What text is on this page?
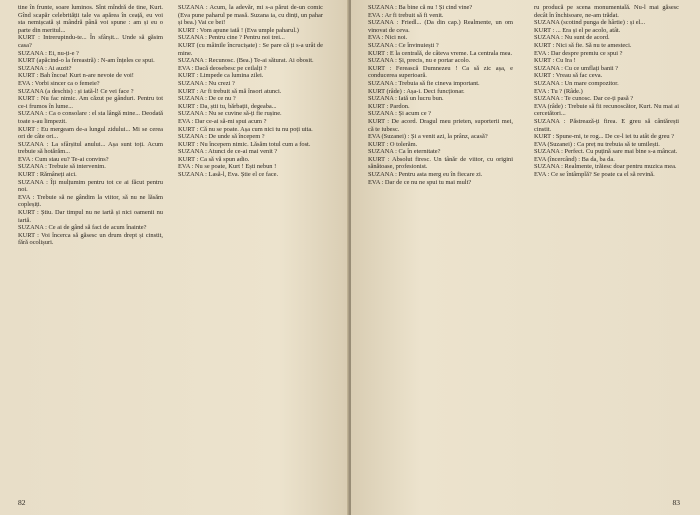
tine în frunte, soare luminos. Sînt mîndră de tine, Kurt. Gînd scapăr celebrității tale va apărea în ceață, eu voi sta nemișcată și mândră până voi spune : am și eu o parte din meritul...

KURT : Intrerupindu-te... În sfârșit... Unde să găsim casa?

SUZANA : Ei, nu-ți-e ?

KURT (apăcind-o la fereastră) : N-am înțeles ce spui.

SUZANA : Ai auzit?

KURT : Bah încoa! Kurt n-are nevoie de voi!

EVA : Vorbi sincer ca o femeie?

SUZANA (a deschis) : și iată-l! Ce vei face ?

KURT : Nu fac nimic. Am căzut pe gânduri. Pentru tot ce-i frumos în lume...

SUZANA : Ca o consolare : el sta lângă mine... Deodată toate s-au limpezit.

KURT : Eu mergeam de-a lungul zidului... Mi se cerea ori de câte ori...

SUZANA : La sfârșitul anului... Așa sunt toți. Acum trebuie să hotărăm...

EVA : Cum stau eu? Te-ai convins?

SUZANA : Trebuie să intervenim.

KURT : Rămâneți aici.

SUZANA : Îți mulțumim pentru tot ce ai făcut pentru noi.

EVA : Trebuie să ne gândim la viitor, să nu ne lăsăm copleșiți.

KURT : Știu. Dar timpul nu ne iartă și nici oamenii nu iartă.

SUZANA : Ce ai de gând să faci de acum înainte?

KURT : Voi încerca să găsesc un drum drept și cinstit, fără ocolișuri.

SUZANA : Acum, la adevăr, mi s-a părut de-un comic (Eva pune paharul pe masă. Suzana ia, cu dinți, un pahar și bea.) Vai ce bei!

KURT : Vom apune iată ! (Eva umple paharul.)

SUZANA : Pentru cine ? Pentru noi trei...

KURT (cu mâinile încrucișate) : Se pare că ți s-a urât de mine.

SUZANA : Recunosc. (Bea.) Te-ai săturat. Ai obosit.

EVA : Dacă deosebesc pe ceilalți ?

KURT : Limpede ca lumina zilei.

SUZANA : Nu crezi ?

KURT : Ar fi trebuit să mă însori atunci.

SUZANA : De ce nu ?

KURT : Da, știi tu, bărbații, degeaba...

SUZANA : Nu se cuvine să-ți fie rușine.

EVA : Dar ce-ai să-mi spui acum ?

KURT : Că nu se poate. Așa cum nici tu nu poți uita.

SUZANA : De unde să începem ?

KURT : Nu începem nimic. Lăsăm totul cum a fost.

SUZANA : Atunci de ce-ai mai venit ?

KURT : Ca să vă spun adio.

EVA : Nu se poate, Kurt ! Ești nebun !

SUZANA : Lasă-l, Eva. Știe el ce face.

82

SUZANA : Ba bine că nu ! Și cind vine?

EVA : Ar fi trebuit să fi venit.

SUZANA : Friedl... (Da din cap.) Realmente, un om vinovat de ceva.

EVA : Nici noi.

SUZANA : Ce învinuiești ?

KURT : E la centrală, de câteva vreme. La centrala mea.

SUZANA : Și, precis, nu e portar acolo.

KURT : Ferească Dumnezeu ! Ca să zic așa, e conducerea superioară.

SUZANA : Trebuia să fie cineva important.

KURT (râde) : Așa-i. Deci funcționar.

SUZANA : Iată un lucru bun.

KURT : Pardon.

SUZANA : Și acum ce ?

KURT : De acord. Dragul meu prieten, suporterii mei, că te iubesc.

EVA (Suzanei) : Și a venit azi, la prânz, acasă?

KURT : O tolerăm.

SUZANA : Ca în eternitate?

KURT : Absolut firesc. Un tânăr de viitor, cu origini sănătoase, profesionist.

SUZANA : Pentru asta merg eu în fiecare zi.

EVA : Dar de ce nu ne spui tu mai mult?

ru producă pe scena monumentală. Nu-l mai găsesc decât în închisoare, ne-am trădat.

SUZANA (scotind punga de hârtie) : și el...

KURT : ... Era și el pe acolo, atât.

SUZANA : Nu sunt de acord.

KURT : Nici să fie. Să nu te amesteci.

EVA : Dar despre premiu ce spui ?

KURT : Cu Ira !

SUZANA : Cu ce umflați banii ?

KURT : Vreau să fac ceva.

SUZANA : Un mare compozitor.

EVA : Tu ? (Râde.)

SUZANA : Te cunosc. Dar ce-ți pasă ?

EVA (râde) : Trebuie să fii recunoscător, Kurt. Nu mai ai cercetători...

SUZANA : Păstrează-ți firea. E greu să cântărești cinstit.

KURT : Spune-mi, te rog... De ce-l iei tu atât de greu ?

EVA (Suzanei) : Ca preț nu trebuia să te umilești.

SUZANA : Perfect. Cu puțină sare mai bine s-a mâncat.

EVA (încercând) : Ba da, ba da.

SUZANA : Realmente, trăiesc doar pentru muzica mea.

EVA : Ce se întâmplă? Se poate ca el să revină.

83
